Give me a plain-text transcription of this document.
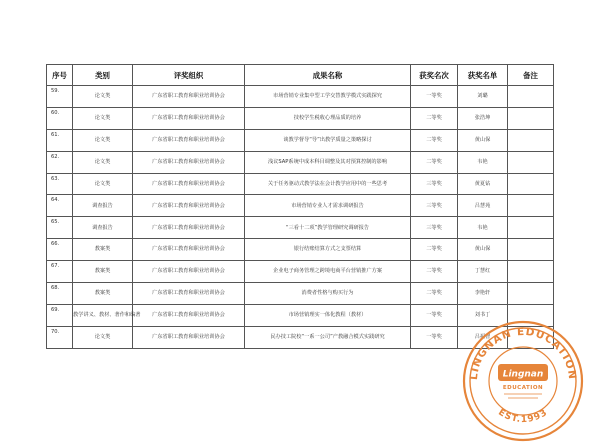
序号	类别	评奖组织	成果名称	获奖名次	获奖名单	备注
59.	论文类	广东省职工教育和职业培训协会	市场营销专业集中型工学交替教学模式实践探究	一等奖	刘璐	
60.	论文类	广东省职工教育和职业培训协会	技校学生税收心理品质的培养	二等奖	张浩坤	
61.	论文类	广东省职工教育和职业培训协会	谈教学督导“导”出教学质量之策略探讨	二等奖	黄山保	
62.	论文类	广东省职工教育和职业培训协会	浅议SAP系统中成本科目调整及其对预算控制的影响	二等奖	韦艳	
63.	论文类	广东省职工教育和职业培训协会	关于任务驱动式教学法在会计教学应用中的一些思考	三等奖	黄夏钻	
64.	调查报告	广东省职工教育和职业培训协会	市场营销专业人才需求调研报告	三等奖	吕慧苑	
65.	调查报告	广东省职工教育和职业培训协会	“三看十二项”教学管理研究调研报告	三等奖	韦艳	
66.	教案类	广东省职工教育和职业培训协会	银行结账结算方式之支票结算	二等奖	黄山保	
67.	教案类	广东省职工教育和职业培训协会	企业电子商务管理之跨境电商平台营销推广方案	二等奖	丁慧红	
68.	教案类	广东省职工教育和职业培训协会	消费者性格与购买行为	二等奖	李艳轩	
69.	教学讲义、教材、著作和编著	广东省职工教育和职业培训协会	市场营销理实一体化教程（教材）	一等奖	刘书丁	
70.	论文类	广东省职工教育和职业培训协会	民办技工院校“一系一公司”产教融合模式实践研究	一等奖	吕福智	
LINGNAN EDUCATION
EST.1993
Lingnan
EDUCATION
